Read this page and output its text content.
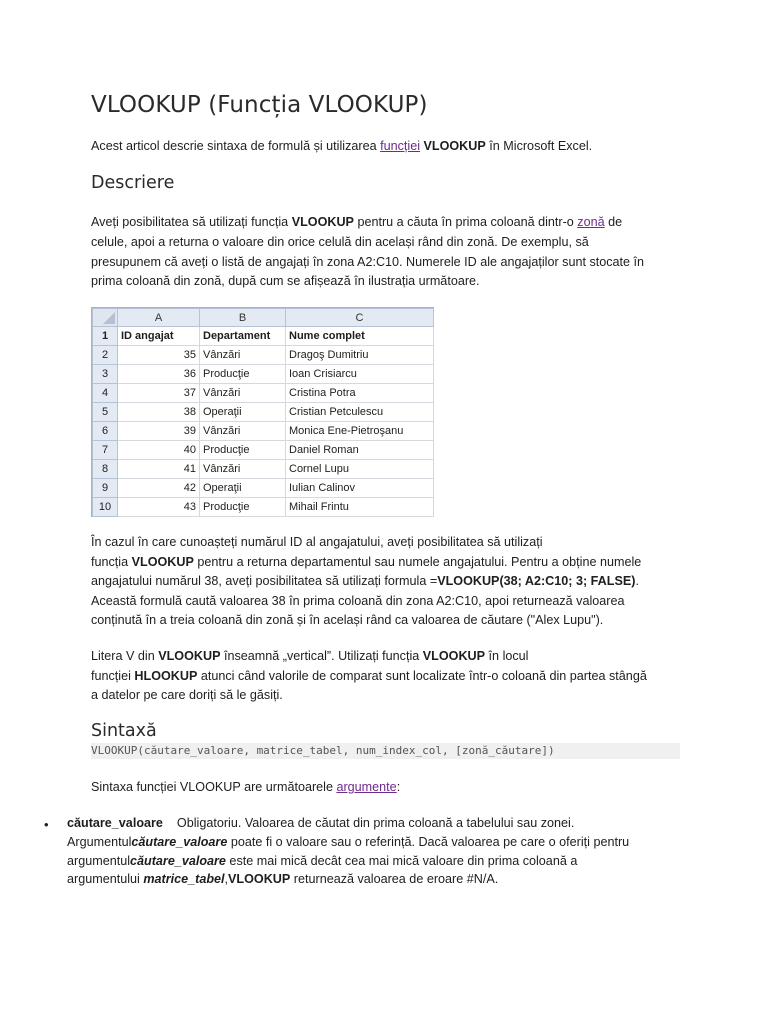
VLOOKUP (Funcția VLOOKUP)

Acest articol descrie sintaxa de formulă și utilizarea funcției VLOOKUP în Microsoft Excel.

Descriere

Aveți posibilitatea să utilizați funcția VLOOKUP pentru a căuta în prima coloană dintr-o zonă de

celule, apoi a returna o valoare din orice celulă din același rând din zonă. De exemplu, să

presupunem că aveți o listă de angajați în zona A2:C10. Numerele ID ale angajaților sunt stocate în

prima coloană din zonă, după cum se afișează în ilustrația următoare.

	A	B	C
1	ID angajat	Departament	Nume complet
2	35	Vânzări	Dragoş Dumitriu
3	36	Producţie	Ioan Crisiarcu
4	37	Vânzări	Cristina Potra
5	38	Operaţii	Cristian Petculescu
6	39	Vânzări	Monica Ene-Pietroşanu
7	40	Producţie	Daniel Roman
8	41	Vânzări	Cornel Lupu
9	42	Operaţii	Iulian Calinov
10	43	Producţie	Mihail Frintu

În cazul în care cunoașteți numărul ID al angajatului, aveți posibilitatea să utilizați

funcția VLOOKUP pentru a returna departamentul sau numele angajatului. Pentru a obține numele

angajatului numărul 38, aveți posibilitatea să utilizați formula =VLOOKUP(38; A2:C10; 3; FALSE).

Această formulă caută valoarea 38 în prima coloană din zona A2:C10, apoi returnează valoarea

conținută în a treia coloană din zonă și în același rând ca valoarea de căutare ("Alex Lupu").

Litera V din VLOOKUP înseamnă „vertical”. Utilizați funcția VLOOKUP în locul

funcției HLOOKUP atunci când valorile de comparat sunt localizate într-o coloană din partea stângă

a datelor pe care doriți să le găsiți.

Sintaxă
VLOOKUP(căutare_valoare, matrice_tabel, num_index_col, [zonă_căutare])

Sintaxa funcției VLOOKUP are următoarele argumente:

• căutare_valoare    Obligatoriu. Valoarea de căutat din prima coloană a tabelului sau zonei.

Argumentulcăutare_valoare poate fi o valoare sau o referință. Dacă valoarea pe care o oferiți pentru

argumentulcăutare_valoare este mai mică decât cea mai mică valoare din prima coloană a

argumentului matrice_tabel,VLOOKUP returnează valoarea de eroare #N/A.
